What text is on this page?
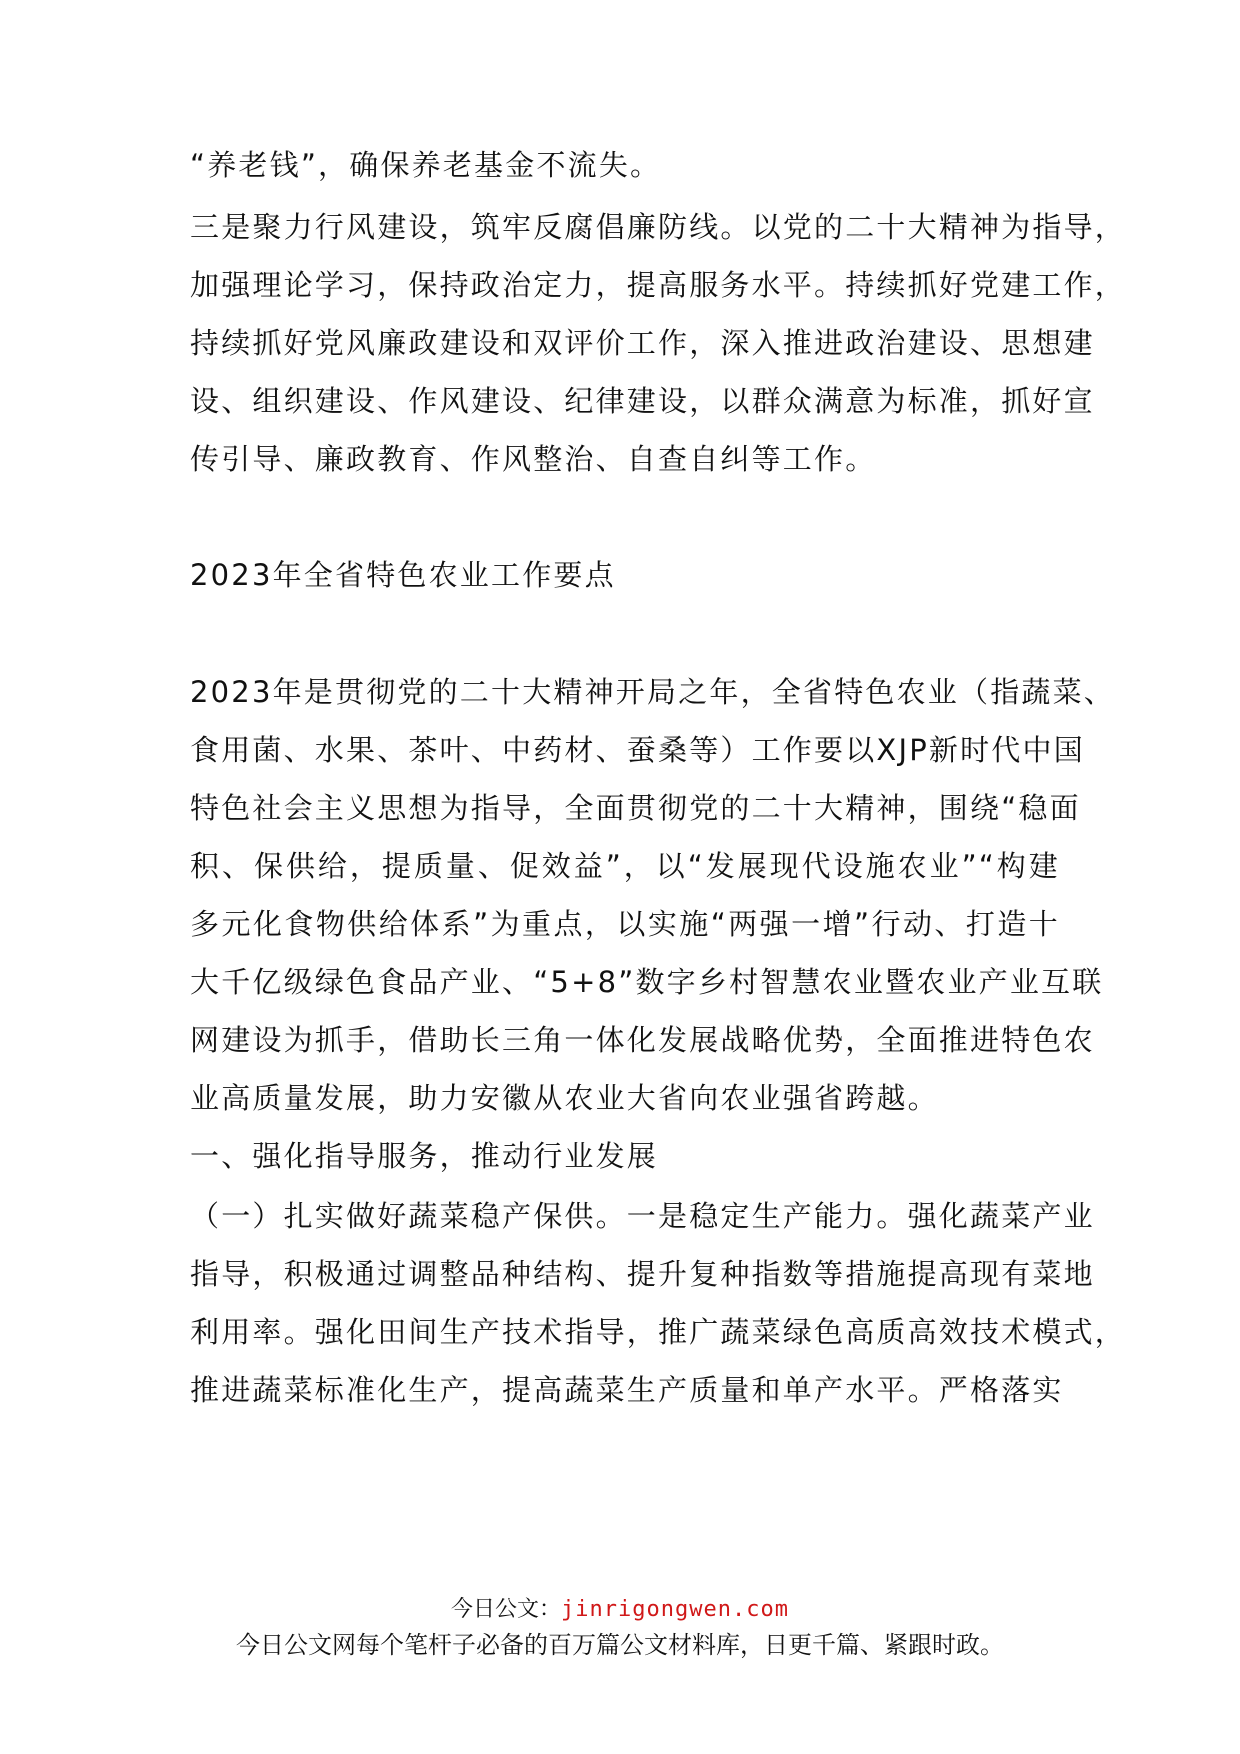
“养老钱”，确保养老基金不流失。
三是聚力行风建设，筑牢反腐倡廉防线。以党的二十大精神为指导，
加强理论学习，保持政治定力，提高服务水平。持续抓好党建工作，
持续抓好党风廉政建设和双评价工作，深入推进政治建设、思想建
设、组织建设、作风建设、纪律建设，以群众满意为标准，抓好宣
传引导、廉政教育、作风整治、自查自纠等工作。
2023年全省特色农业工作要点
2023年是贯彻党的二十大精神开局之年，全省特色农业（指蔬菜、
食用菌、水果、茶叶、中药材、蚕桑等）工作要以XJP新时代中国
特色社会主义思想为指导，全面贯彻党的二十大精神，围绕“稳面
积、保供给，提质量、促效益”，以“发展现代设施农业”“构建
多元化食物供给体系”为重点，以实施“两强一增”行动、打造十
大千亿级绿色食品产业、“5+8”数字乡村智慧农业暨农业产业互联
网建设为抓手，借助长三角一体化发展战略优势，全面推进特色农
业高质量发展，助力安徽从农业大省向农业强省跨越。
一、强化指导服务，推动行业发展
（一）扎实做好蔬菜稳产保供。一是稳定生产能力。强化蔬菜产业
指导，积极通过调整品种结构、提升复种指数等措施提高现有菜地
利用率。强化田间生产技术指导，推广蔬菜绿色高质高效技术模式，
推进蔬菜标准化生产，提高蔬菜生产质量和单产水平。严格落实
今日公文：jinrigongwen.com
今日公文网每个笔杆子必备的百万篇公文材料库，日更千篇、紧跟时政。
